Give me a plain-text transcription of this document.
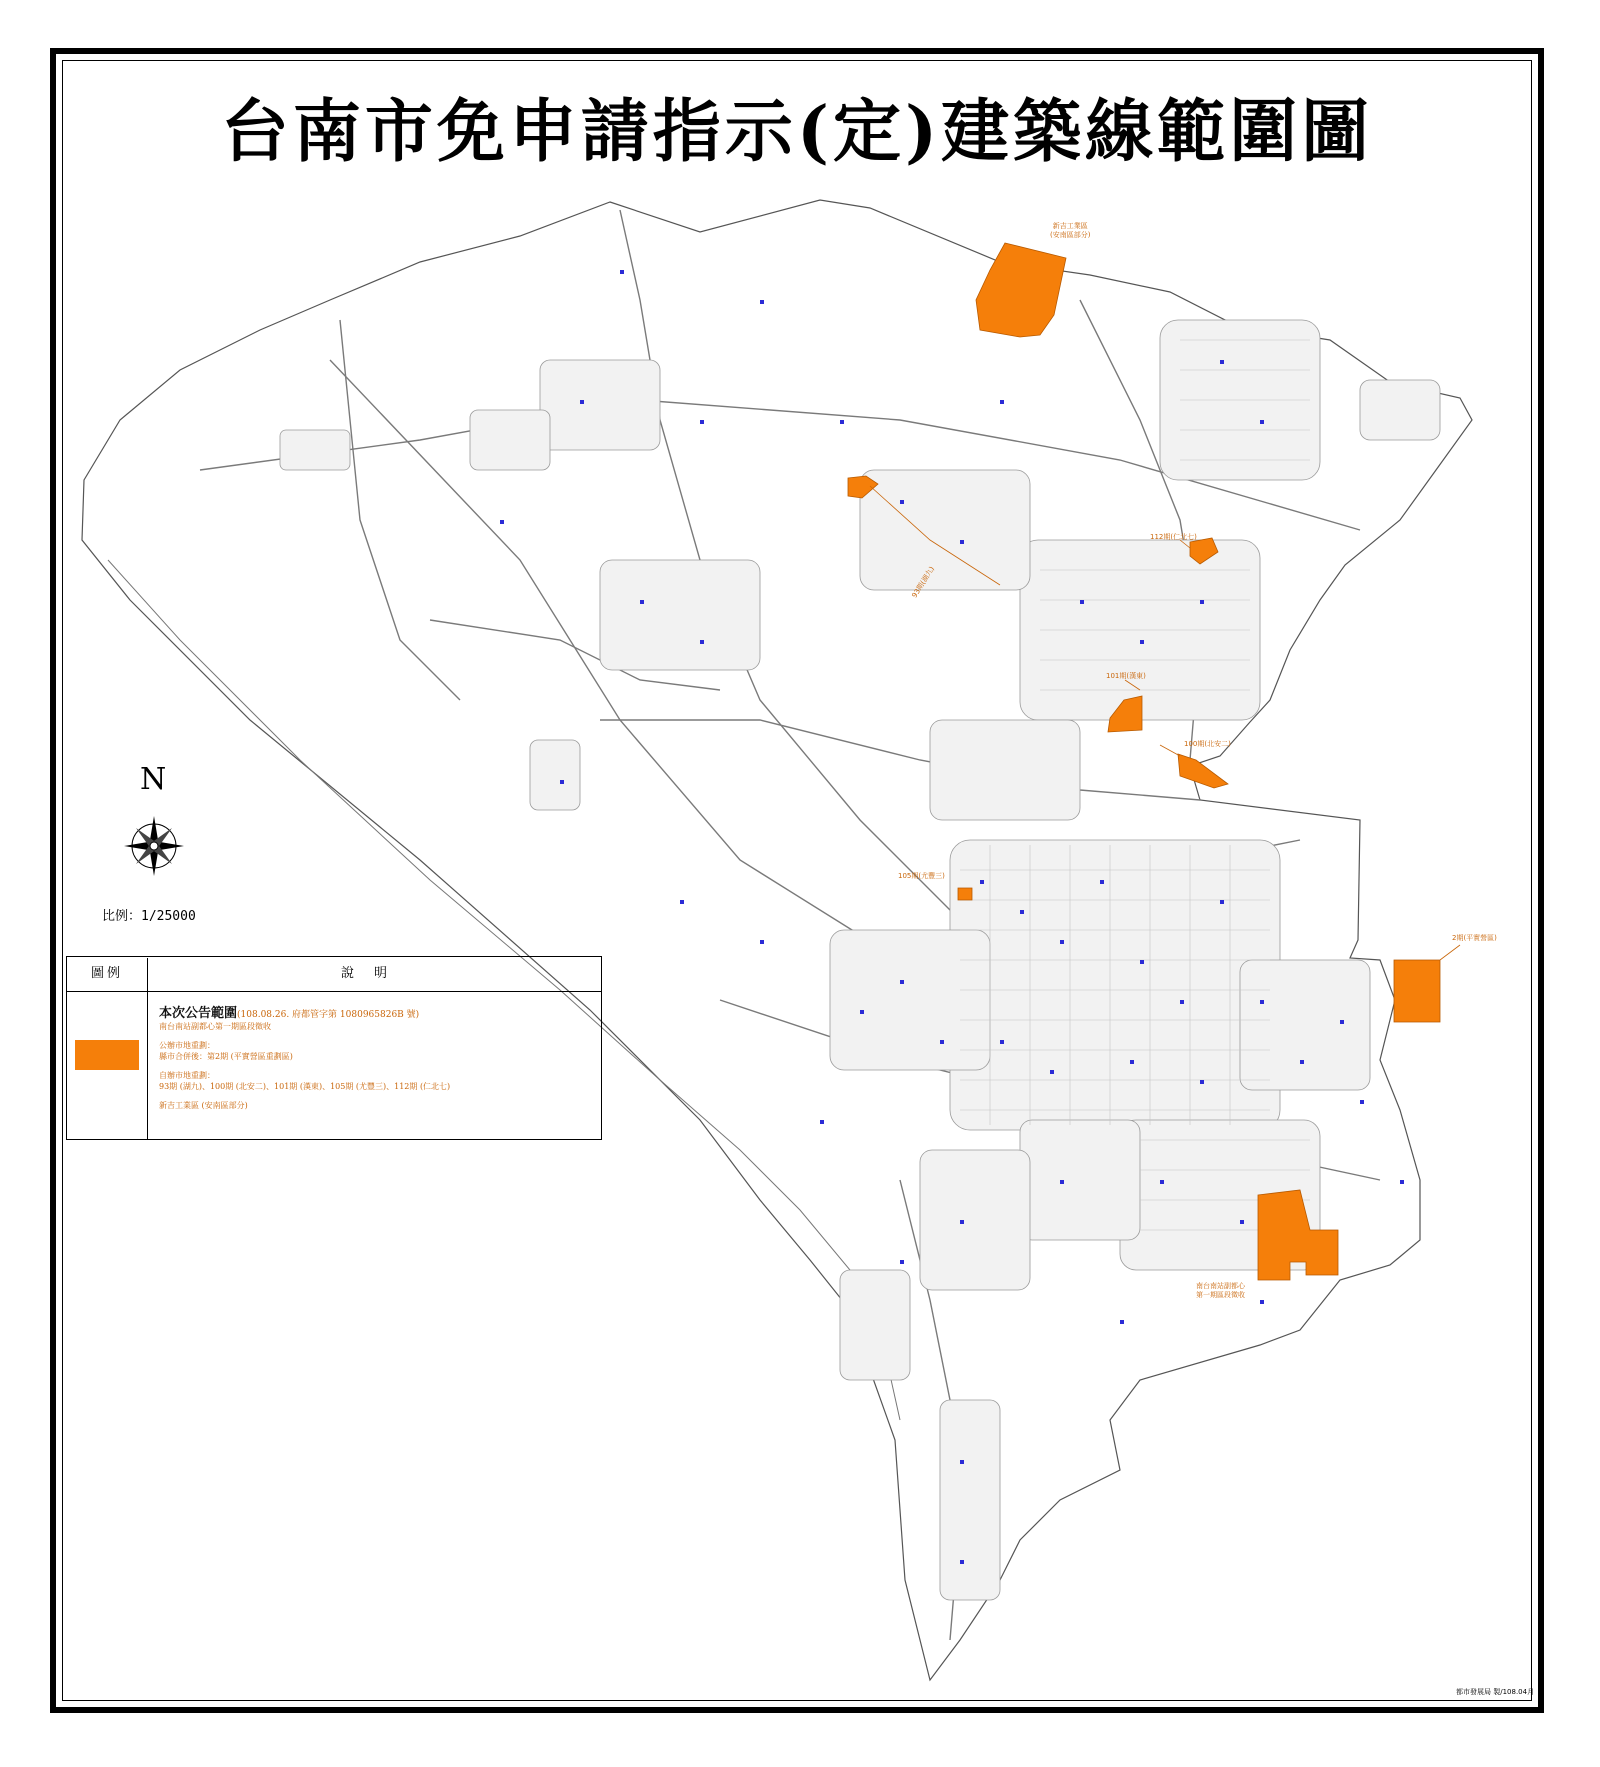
台南市免申請指示(定)建築線範圍圖
N
比例：1/25000
新吉工業區
(安南區部分)
93期(湖九)
112期(仁北七)
101期(漢東)
100期(北安二)
105期(尤豐三)
2期(平實營區)
南台南站副都心
第一期區段徵收
圖例	說明
本次公告範圍(108.08.26. 府都管字第 1080965826B 號)
南台南站副都心第一期區段徵收
公辦市地重劃：
縣市合併後：第2期 (平實營區重劃區)
自辦市地重劃：
93期 (湖九)、100期 (北安二)、101期 (漢東)、105期 (尤豐三)、112期 (仁北七)
新吉工業區 (安南區部分)
都市發展局 製/108.04月
